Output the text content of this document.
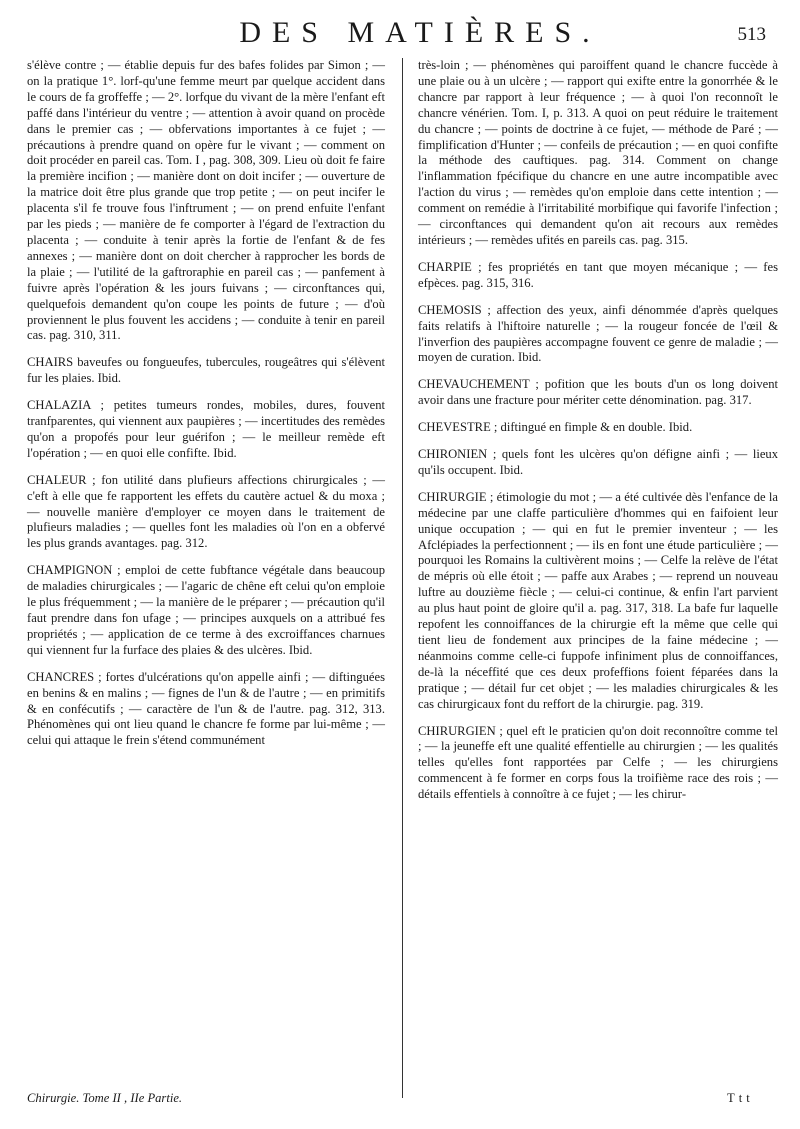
DES MATIÈRES.	513

s'élève contre ; — établie depuis fur des bafes folides par Simon ; — on la pratique 1°. lorf-qu'une femme meurt par quelque accident dans le cours de fa groffeffe ; — 2°. lorfque du vivant de la mère l'enfant eft paffé dans l'intérieur du ventre ; — attention à avoir quand on procède dans le premier cas ; — obfervations importantes à ce fujet ; — précautions à prendre quand on opère fur le vivant ; — comment on doit procéder en pareil cas. Tom. I , pag. 308, 309. Lieu où doit fe faire la première incifion ; — manière dont on doit incifer ; — ouverture de la matrice doit être plus grande que trop petite ; — on peut incifer le placenta s'il fe trouve fous l'inftrument ; — on prend enfuite l'enfant par les pieds ; — manière de fe comporter à l'égard de l'extraction du placenta ; — conduite à tenir après la fortie de l'enfant & de fes annexes ; — manière dont on doit chercher à rapprocher les bords de la plaie ; — l'utilité de la gaftroraphie en pareil cas ; — panfement à fuivre après l'opération & les jours fuivans ; — circonftances qui, quelquefois demandent qu'on coupe les points de future ; — d'où proviennent le plus fouvent les accidens ; — conduite à tenir en pareil cas. pag. 310, 311.

CHAIRS baveufes ou fongueufes, tubercules, rougeâtres qui s'élèvent fur les plaies. Ibid.

CHALAZIA ; petites tumeurs rondes, mobiles, dures, fouvent tranfparentes, qui viennent aux paupières ; — incertitudes des remèdes qu'on a propofés pour leur guérifon ; — le meilleur remède eft l'opération ; — en quoi elle confifte. Ibid.

CHALEUR ; fon utilité dans plufieurs affections chirurgicales ; — c'eft à elle que fe rapportent les effets du cautère actuel & du moxa ; — nouvelle manière d'employer ce moyen dans le traitement de plufieurs maladies ; — quelles font les maladies où l'on en a obfervé les plus grands avantages. pag. 312.

CHAMPIGNON ; emploi de cette fubftance végétale dans beaucoup de maladies chirurgicales ; — l'agaric de chêne eft celui qu'on emploie le plus fréquemment ; — la manière de le préparer ; — précaution qu'il faut prendre dans fon ufage ; — principes auxquels on a attribué fes propriétés ; — application de ce terme à des excroiffances charnues qui viennent fur la furface des plaies & des ulcères. Ibid.

CHANCRES ; fortes d'ulcérations qu'on appelle ainfi ; — diftinguées en benins & en malins ; — fignes de l'un & de l'autre ; — en primitifs & en confécutifs ; — caractère de l'un & de l'autre. pag. 312, 313. Phénomènes qui ont lieu quand le chancre fe forme par lui-même ; — celui qui attaque le frein s'étend communément

très-loin ; — phénomènes qui paroiffent quand le chancre fuccède à une plaie ou à un ulcère ; — rapport qui exifte entre la gonorrhée & le chancre par rapport à leur fréquence ; — à quoi l'on reconnoît le chancre vénérien. Tom. I, p. 313. A quoi on peut réduire le traitement du chancre ; — points de doctrine à ce fujet, — méthode de Paré ; — fimplification d'Hunter ; — confeils de précaution ; — en quoi confifte la méthode des cauftiques. pag. 314. Comment on change l'inflammation fpécifique du chancre en une autre incompatible avec l'action du virus ; — remèdes qu'on emploie dans cette intention ; — comment on remédie à l'irritabilité morbifique qui favorife l'infection ; — circonftances qui demandent qu'on ait recours aux remèdes intérieurs ; — remèdes ufités en pareils cas. pag. 315.

CHARPIE ; fes propriétés en tant que moyen mécanique ; — fes efpèces. pag. 315, 316.

CHEMOSIS ; affection des yeux, ainfi dénommée d'après quelques faits relatifs à l'hiftoire naturelle ; — la rougeur foncée de l'œil & l'inverfion des paupières accompagne fouvent ce genre de maladie ; — moyen de curation. Ibid.

CHEVAUCHEMENT ; pofition que les bouts d'un os long doivent avoir dans une fracture pour mériter cette dénomination. pag. 317.

CHEVESTRE ; diftingué en fimple & en double. Ibid.

CHIRONIEN ; quels font les ulcères qu'on défigne ainfi ; — lieux qu'ils occupent. Ibid.

CHIRURGIE ; étimologie du mot ; — a été cultivée dès l'enfance de la médecine par une claffe particulière d'hommes qui en faifoient leur unique occupation ; — qui en fut le premier inventeur ; — les Afclépiades la perfectionnent ; — ils en font une étude particulière ; — pourquoi les Romains la cultivèrent moins ; — Celfe la relève de l'état de mépris où elle étoit ; — paffe aux Arabes ; — reprend un nouveau luftre au douzième fiècle ; — celui-ci continue, & enfin l'art parvient au plus haut point de gloire qu'il a. pag. 317, 318. La bafe fur laquelle repofent les connoiffances de la chirurgie eft la même que celle qui tient lieu de fondement aux principes de la faine médecine ; — néanmoins comme celle-ci fuppofe infiniment plus de connoiffances, de-là la néceffité que ces deux profeffions foient féparées dans la pratique ; — détail fur cet objet ; — les maladies chirurgicales & les cas chirurgicaux font du reffort de la chirurgie. pag. 319.

CHIRURGIEN ; quel eft le praticien qu'on doit reconnoître comme tel ; — la jeuneffe eft une qualité effentielle au chirurgien ; — les qualités telles qu'elles font rapportées par Celfe ; — les chirurgiens commencent à fe former en corps fous la troifième race des rois ; — détails effentiels à connoître à ce fujet ; — les chirur-

Chirurgie. Tome II , IIe Partie.	Ttt
